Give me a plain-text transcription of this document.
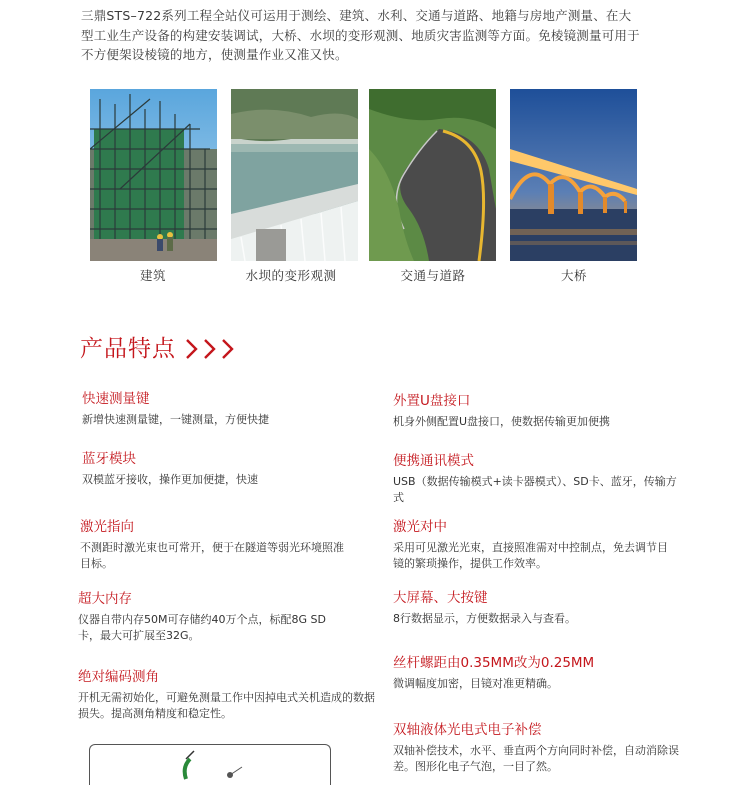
三鼎STS–722系列工程全站仪可运用于测绘、建筑、水利、交通与道路、地籍与房地产测量、在大型工业生产设备的构建安装调试，大桥、水坝的变形观测、地质灾害监测等方面。免棱镜测量可用于不方便架设棱镜的地方，使测量作业又准又快。

建筑	水坝的变形观测	交通与道路	大桥
产品特点
快速测量键
新增快速测量键，一键测量，方便快捷
蓝牙模块
双模蓝牙接收，操作更加便捷，快速
激光指向
不测距时激光束也可常开，便于在隧道等弱光环境照准目标。
超大内存
仪器自带内存50M可存储约40万个点，标配8G SD 卡，最大可扩展至32G。
绝对编码测角
开机无需初始化，可避免测量工作中因掉电式关机造成的数据损失。提高测角精度和稳定性。
外置U盘接口
机身外侧配置U盘接口，使数据传输更加便携
便携通讯模式
USB（数据传输模式+读卡器模式）、SD卡、蓝牙，传输方式
激光对中
采用可见激光光束，直接照准需对中控制点，免去调节目镜的繁琐操作，提供工作效率。
大屏幕、大按键
8行数据显示，方便数据录入与查看。
丝杆螺距由0.35MM改为0.25MM
微调幅度加密，目镜对准更精确。
双轴液体光电式电子补偿
双轴补偿技术，水平、垂直两个方向同时补偿，自动消除误差。图形化电子气泡，一目了然。
